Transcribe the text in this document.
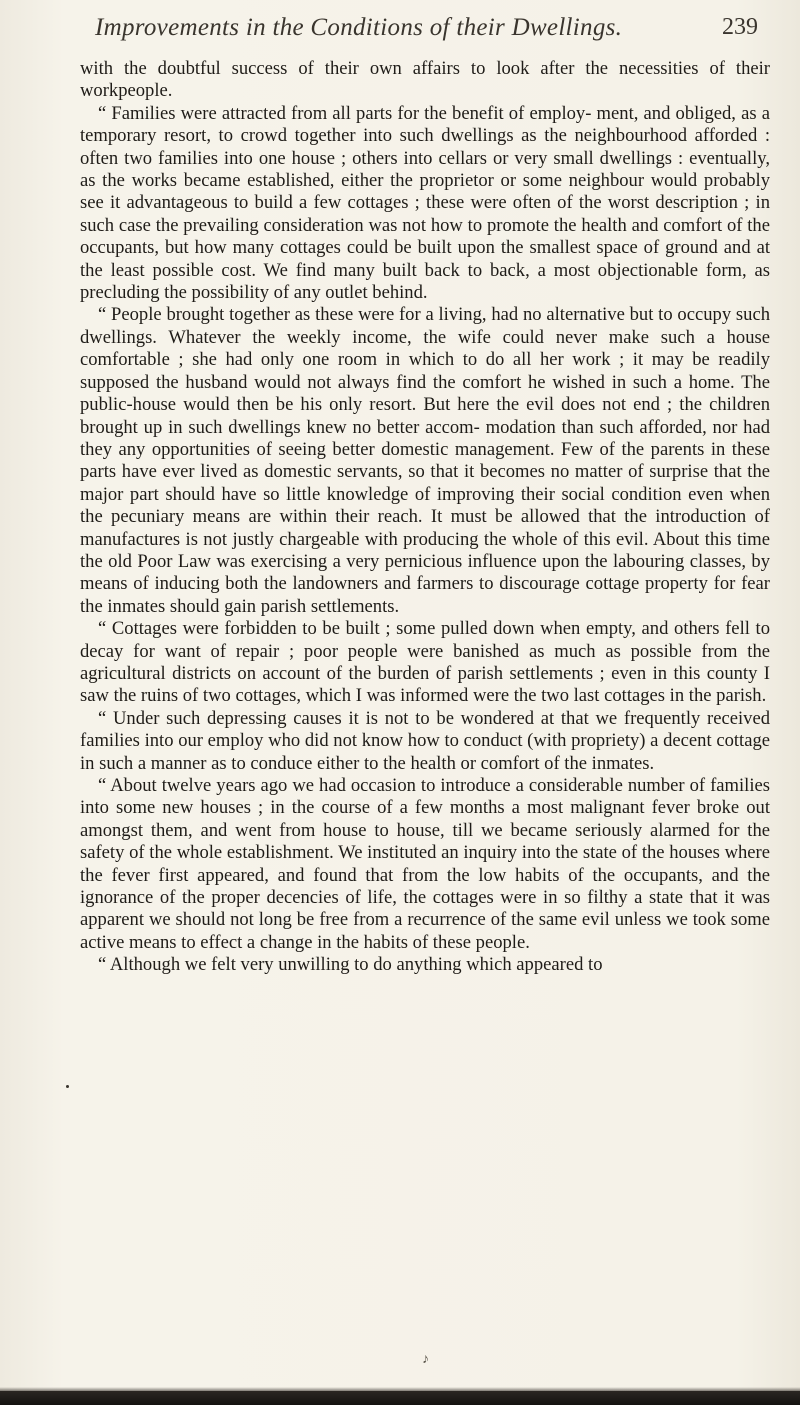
Improvements in the Conditions of their Dwellings.	239

with the doubtful success of their own affairs to look after the necessities of their workpeople.

“ Families were attracted from all parts for the benefit of employ- ment, and obliged, as a temporary resort, to crowd together into such dwellings as the neighbourhood afforded : often two families into one house ; others into cellars or very small dwellings : eventually, as the works became established, either the proprietor or some neighbour would probably see it advantageous to build a few cottages ; these were often of the worst description ; in such case the prevailing consideration was not how to promote the health and comfort of the occupants, but how many cottages could be built upon the smallest space of ground and at the least possible cost. We find many built back to back, a most objectionable form, as precluding the possibility of any outlet behind.

“ People brought together as these were for a living, had no alternative but to occupy such dwellings. Whatever the weekly income, the wife could never make such a house comfortable ; she had only one room in which to do all her work ; it may be readily supposed the husband would not always find the comfort he wished in such a home. The public-house would then be his only resort. But here the evil does not end ; the children brought up in such dwellings knew no better accom- modation than such afforded, nor had they any opportunities of seeing better domestic management. Few of the parents in these parts have ever lived as domestic servants, so that it becomes no matter of surprise that the major part should have so little knowledge of improving their social condition even when the pecuniary means are within their reach. It must be allowed that the introduction of manufactures is not justly chargeable with producing the whole of this evil. About this time the old Poor Law was exercising a very pernicious influence upon the labouring classes, by means of inducing both the landowners and farmers to discourage cottage property for fear the inmates should gain parish settlements.

“ Cottages were forbidden to be built ; some pulled down when empty, and others fell to decay for want of repair ; poor people were banished as much as possible from the agricultural districts on account of the burden of parish settlements ; even in this county I saw the ruins of two cottages, which I was informed were the two last cottages in the parish.

“ Under such depressing causes it is not to be wondered at that we frequently received families into our employ who did not know how to conduct (with propriety) a decent cottage in such a manner as to conduce either to the health or comfort of the inmates.

“ About twelve years ago we had occasion to introduce a considerable number of families into some new houses ; in the course of a few months a most malignant fever broke out amongst them, and went from house to house, till we became seriously alarmed for the safety of the whole establishment. We instituted an inquiry into the state of the houses where the fever first appeared, and found that from the low habits of the occupants, and the ignorance of the proper decencies of life, the cottages were in so filthy a state that it was apparent we should not long be free from a recurrence of the same evil unless we took some active means to effect a change in the habits of these people.

“ Although we felt very unwilling to do anything which appeared to

♪
